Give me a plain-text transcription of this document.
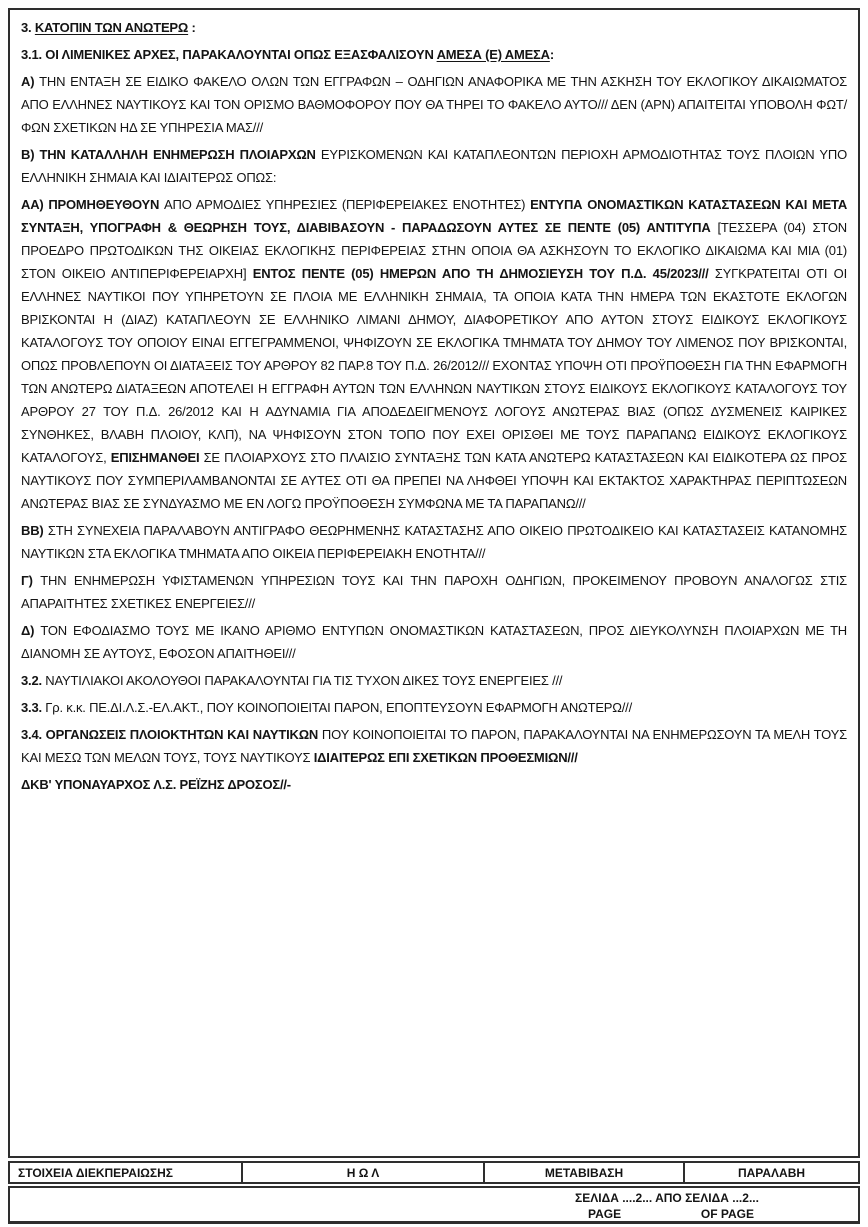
3. ΚΑΤΟΠΙΝ ΤΩΝ ΑΝΩΤΕΡΩ :

3.1. ΟΙ ΛΙΜΕΝΙΚΕΣ ΑΡΧΕΣ, ΠΑΡΑΚΑΛΟΥΝΤΑΙ ΟΠΩΣ ΕΞΑΣΦΑΛΙΣΟΥΝ ΑΜΕΣΑ (Ε) ΑΜΕΣΑ:

Α) ΤΗΝ ΕΝΤΑΞΗ ΣΕ ΕΙΔΙΚΟ ΦΑΚΕΛΟ ΟΛΩΝ ΤΩΝ ΕΓΓΡΑΦΩΝ – ΟΔΗΓΙΩΝ ΑΝΑΦΟΡΙΚΑ ΜΕ ΤΗΝ ΑΣΚΗΣΗ ΤΟΥ ΕΚΛΟΓΙΚΟΥ ΔΙΚΑΙΩΜΑΤΟΣ ΑΠΟ ΕΛΛΗΝΕΣ ΝΑΥΤΙΚΟΥΣ ΚΑΙ ΤΟΝ ΟΡΙΣΜΟ ΒΑΘΜΟΦΟΡΟΥ ΠΟΥ ΘΑ ΤΗΡΕΙ ΤΟ ΦΑΚΕΛΟ ΑΥΤΟ/// ΔΕΝ (ΑΡΝ) ΑΠΑΙΤΕΙΤΑΙ ΥΠΟΒΟΛΗ ΦΩΤ/ΦΩΝ ΣΧΕΤΙΚΩΝ ΗΔ ΣΕ ΥΠΗΡΕΣΙΑ ΜΑΣ///

Β) ΤΗΝ ΚΑΤΑΛΛΗΛΗ ΕΝΗΜΕΡΩΣΗ ΠΛΟΙΑΡΧΩΝ ΕΥΡΙΣΚΟΜΕΝΩΝ ΚΑΙ ΚΑΤΑΠΛΕΟΝΤΩΝ ΠΕΡΙΟΧΗ ΑΡΜΟΔΙΟΤΗΤΑΣ ΤΟΥΣ ΠΛΟΙΩΝ ΥΠΟ ΕΛΛΗΝΙΚΗ ΣΗΜΑΙΑ ΚΑΙ ΙΔΙΑΙΤΕΡΩΣ ΟΠΩΣ:

ΑΑ) ΠΡΟΜΗΘΕΥΘΟΥΝ ΑΠΟ ΑΡΜΟΔΙΕΣ ΥΠΗΡΕΣΙΕΣ (ΠΕΡΙΦΕΡΕΙΑΚΕΣ ΕΝΟΤΗΤΕΣ) ΕΝΤΥΠΑ ΟΝΟΜΑΣΤΙΚΩΝ ΚΑΤΑΣΤΑΣΕΩΝ ΚΑΙ ΜΕΤΑ ΣΥΝΤΑΞΗ, ΥΠΟΓΡΑΦΗ & ΘΕΩΡΗΣΗ ΤΟΥΣ, ΔΙΑΒΙΒΑΣΟΥΝ - ΠΑΡΑΔΩΣΟΥΝ ΑΥΤΕΣ ΣΕ ΠΕΝΤΕ (05) ΑΝΤΙΤΥΠΑ [ΤΕΣΣΕΡΑ (04) ΣΤΟΝ ΠΡΟΕΔΡΟ ΠΡΩΤΟΔΙΚΩΝ ΤΗΣ ΟΙΚΕΙΑΣ ΕΚΛΟΓΙΚΗΣ ΠΕΡΙΦΕΡΕΙΑΣ ΣΤΗΝ ΟΠΟΙΑ ΘΑ ΑΣΚΗΣΟΥΝ ΤΟ ΕΚΛΟΓΙΚΟ ΔΙΚΑΙΩΜΑ ΚΑΙ ΜΙΑ (01) ΣΤΟΝ ΟΙΚΕΙΟ ΑΝΤΙΠΕΡΙΦΕΡΕΙΑΡΧΗ] ΕΝΤΟΣ ΠΕΝΤΕ (05) ΗΜΕΡΩΝ ΑΠΟ ΤΗ ΔΗΜΟΣΙΕΥΣΗ ΤΟΥ Π.Δ. 45/2023/// ΣΥΓΚΡΑΤΕΙΤΑΙ ΟΤΙ ΟΙ ΕΛΛΗΝΕΣ ΝΑΥΤΙΚΟΙ ΠΟΥ ΥΠΗΡΕΤΟΥΝ ΣΕ ΠΛΟΙΑ ΜΕ ΕΛΛΗΝΙΚΗ ΣΗΜΑΙΑ, ΤΑ ΟΠΟΙΑ ΚΑΤΑ ΤΗΝ ΗΜΕΡΑ ΤΩΝ ΕΚΑΣΤΟΤΕ ΕΚΛΟΓΩΝ ΒΡΙΣΚΟΝΤΑΙ Η (ΔΙΑΖ) ΚΑΤΑΠΛΕΟΥΝ ΣΕ ΕΛΛΗΝΙΚΟ ΛΙΜΑΝΙ ΔΗΜΟΥ, ΔΙΑΦΟΡΕΤΙΚΟΥ ΑΠΟ ΑΥΤΟΝ ΣΤΟΥΣ ΕΙΔΙΚΟΥΣ ΕΚΛΟΓΙΚΟΥΣ ΚΑΤΑΛΟΓΟΥΣ ΤΟΥ ΟΠΟΙΟΥ ΕΙΝΑΙ ΕΓΓΕΓΡΑΜΜΕΝΟΙ, ΨΗΦΙΖΟΥΝ ΣΕ ΕΚΛΟΓΙΚΑ ΤΜΗΜΑΤΑ ΤΟΥ ΔΗΜΟΥ ΤΟΥ ΛΙΜΕΝΟΣ ΠΟΥ ΒΡΙΣΚΟΝΤΑΙ, ΟΠΩΣ ΠΡΟΒΛΕΠΟΥΝ ΟΙ ΔΙΑΤΑΞΕΙΣ ΤΟΥ ΑΡΘΡΟΥ 82 ΠΑΡ.8 ΤΟΥ Π.Δ. 26/2012/// ΕΧΟΝΤΑΣ ΥΠΟΨΗ ΟΤΙ ΠΡΟΫΠΟΘΕΣΗ ΓΙΑ ΤΗΝ ΕΦΑΡΜΟΓΗ ΤΩΝ ΑΝΩΤΕΡΩ ΔΙΑΤΑΞΕΩΝ ΑΠΟΤΕΛΕΙ Η ΕΓΓΡΑΦΗ ΑΥΤΩΝ ΤΩΝ ΕΛΛΗΝΩΝ ΝΑΥΤΙΚΩΝ ΣΤΟΥΣ ΕΙΔΙΚΟΥΣ ΕΚΛΟΓΙΚΟΥΣ ΚΑΤΑΛΟΓΟΥΣ ΤΟΥ ΑΡΘΡΟΥ 27 ΤΟΥ Π.Δ. 26/2012 ΚΑΙ Η ΑΔΥΝΑΜΙΑ ΓΙΑ ΑΠΟΔΕΔΕΙΓΜΕΝΟΥΣ ΛΟΓΟΥΣ ΑΝΩΤΕΡΑΣ ΒΙΑΣ (ΟΠΩΣ ΔΥΣΜΕΝΕΙΣ ΚΑΙΡΙΚΕΣ ΣΥΝΘΗΚΕΣ, ΒΛΑΒΗ ΠΛΟΙΟΥ, ΚΛΠ), ΝΑ ΨΗΦΙΣΟΥΝ ΣΤΟΝ ΤΟΠΟ ΠΟΥ ΕΧΕΙ ΟΡΙΣΘΕΙ ΜΕ ΤΟΥΣ ΠΑΡΑΠΑΝΩ ΕΙΔΙΚΟΥΣ ΕΚΛΟΓΙΚΟΥΣ ΚΑΤΑΛΟΓΟΥΣ, ΕΠΙΣΗΜΑΝΘΕΙ ΣΕ ΠΛΟΙΑΡΧΟΥΣ ΣΤΟ ΠΛΑΙΣΙΟ ΣΥΝΤΑΞΗΣ ΤΩΝ ΚΑΤΑ ΑΝΩΤΕΡΩ ΚΑΤΑΣΤΑΣΕΩΝ ΚΑΙ ΕΙΔΙΚΟΤΕΡΑ ΩΣ ΠΡΟΣ ΝΑΥΤΙΚΟΥΣ ΠΟΥ ΣΥΜΠΕΡΙΛΑΜΒΑΝΟΝΤΑΙ ΣΕ ΑΥΤΕΣ ΟΤΙ ΘΑ ΠΡΕΠΕΙ ΝΑ ΛΗΦΘΕΙ ΥΠΟΨΗ ΚΑΙ ΕΚΤΑΚΤΟΣ ΧΑΡΑΚΤΗΡΑΣ ΠΕΡΙΠΤΩΣΕΩΝ ΑΝΩΤΕΡΑΣ ΒΙΑΣ ΣΕ ΣΥΝΔΥΑΣΜΟ ΜΕ ΕΝ ΛΟΓΩ ΠΡΟΫΠΟΘΕΣΗ ΣΥΜΦΩΝΑ ΜΕ ΤΑ ΠΑΡΑΠΑΝΩ///

ΒΒ) ΣΤΗ ΣΥΝΕΧΕΙΑ ΠΑΡΑΛΑΒΟΥΝ ΑΝΤΙΓΡΑΦΟ ΘΕΩΡΗΜΕΝΗΣ ΚΑΤΑΣΤΑΣΗΣ ΑΠΟ ΟΙΚΕΙΟ ΠΡΩΤΟΔΙΚΕΙΟ ΚΑΙ ΚΑΤΑΣΤΑΣΕΙΣ ΚΑΤΑΝΟΜΗΣ ΝΑΥΤΙΚΩΝ ΣΤΑ ΕΚΛΟΓΙΚΑ ΤΜΗΜΑΤΑ ΑΠΟ ΟΙΚΕΙΑ ΠΕΡΙΦΕΡΕΙΑΚΗ ΕΝΟΤΗΤΑ///

Γ) ΤΗΝ ΕΝΗΜΕΡΩΣΗ ΥΦΙΣΤΑΜΕΝΩΝ ΥΠΗΡΕΣΙΩΝ ΤΟΥΣ ΚΑΙ ΤΗΝ ΠΑΡΟΧΗ ΟΔΗΓΙΩΝ, ΠΡΟΚΕΙΜΕΝΟΥ ΠΡΟΒΟΥΝ ΑΝΑΛΟΓΩΣ ΣΤΙΣ ΑΠΑΡΑΙΤΗΤΕΣ ΣΧΕΤΙΚΕΣ ΕΝΕΡΓΕΙΕΣ///

Δ) ΤΟΝ ΕΦΟΔΙΑΣΜΟ ΤΟΥΣ ΜΕ ΙΚΑΝΟ ΑΡΙΘΜΟ ΕΝΤΥΠΩΝ ΟΝΟΜΑΣΤΙΚΩΝ ΚΑΤΑΣΤΑΣΕΩΝ, ΠΡΟΣ ΔΙΕΥΚΟΛΥΝΣΗ ΠΛΟΙΑΡΧΩΝ ΜΕ ΤΗ ΔΙΑΝΟΜΗ ΣΕ ΑΥΤΟΥΣ, ΕΦΟΣΟΝ ΑΠΑΙΤΗΘΕΙ///

3.2. ΝΑΥΤΙΛΙΑΚΟΙ ΑΚΟΛΟΥΘΟΙ ΠΑΡΑΚΑΛΟΥΝΤΑΙ ΓΙΑ ΤΙΣ ΤΥΧΟΝ ΔΙΚΕΣ ΤΟΥΣ ΕΝΕΡΓΕΙΕΣ ///

3.3. Γρ. κ.κ. ΠΕ.ΔΙ.Λ.Σ.-ΕΛ.ΑΚΤ., ΠΟΥ ΚΟΙΝΟΠΟΙΕΙΤΑΙ ΠΑΡΟΝ, ΕΠΟΠΤΕΥΣΟΥΝ ΕΦΑΡΜΟΓΗ ΑΝΩΤΕΡΩ///

3.4. ΟΡΓΑΝΩΣΕΙΣ ΠΛΟΙΟΚΤΗΤΩΝ ΚΑΙ ΝΑΥΤΙΚΩΝ ΠΟΥ ΚΟΙΝΟΠΟΙΕΙΤΑΙ ΤΟ ΠΑΡΟΝ, ΠΑΡΑΚΑΛΟΥΝΤΑΙ ΝΑ ΕΝΗΜΕΡΩΣΟΥΝ ΤΑ ΜΕΛΗ ΤΟΥΣ ΚΑΙ ΜΕΣΩ ΤΩΝ ΜΕΛΩΝ ΤΟΥΣ, ΤΟΥΣ ΝΑΥΤΙΚΟΥΣ ΙΔΙΑΙΤΕΡΩΣ ΕΠΙ ΣΧΕΤΙΚΩΝ ΠΡΟΘΕΣΜΙΩΝ///

ΔΚΒ' ΥΠΟΝΑΥΑΡΧΟΣ Λ.Σ. ΡΕΪΖΗΣ ΔΡΟΣΟΣ//-

ΣΤΟΙΧΕΙΑ ΔΙΕΚΠΕΡΑΙΩΣΗΣ	Η Ω Λ	ΜΕΤΑΒΙΒΑΣΗ	ΠΑΡΑΛΑΒΗ
ΣΕΛΙΔΑ ....2... ΑΠΟ ΣΕΛΙΔΑ ...2...
PAGE	OF PAGE
